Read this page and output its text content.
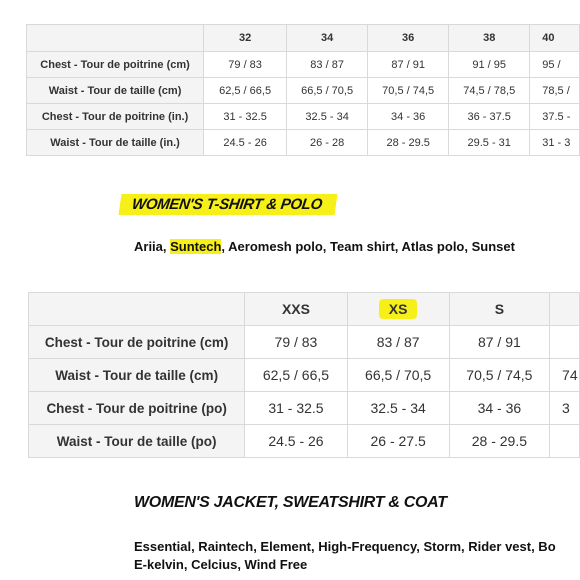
	32	34	36	38	40
Chest - Tour de poitrine (cm)	79 / 83	83 / 87	87 / 91	91 / 95	95 /
Waist - Tour de taille (cm)	62,5 / 66,5	66,5 / 70,5	70,5 / 74,5	74,5 / 78,5	78,5 /
Chest - Tour de poitrine (in.)	31 - 32.5	32.5 - 34	34 - 36	36 - 37.5	37.5 -
Waist - Tour de taille (in.)	24.5 - 26	26 - 28	28 - 29.5	29.5 - 31	31 - 3
WOMEN'S T-SHIRT & POLO

Ariia, Suntech, Aeromesh polo, Team shirt, Atlas polo, Sunset

	XXS	XS	S	
Chest - Tour de poitrine (cm)	79 / 83	83 / 87	87 / 91	
Waist - Tour de taille (cm)	62,5 / 66,5	66,5 / 70,5	70,5 / 74,5	74
Chest - Tour de poitrine (po)	31 - 32.5	32.5 - 34	34 - 36	3
Waist - Tour de taille (po)	24.5 - 26	26 - 27.5	28 - 29.5	
WOMEN'S JACKET, SWEATSHIRT & COAT

Essential, Raintech, Element, High-Frequency, Storm, Rider vest, Bo
E-kelvin, Celcius, Wind Free
